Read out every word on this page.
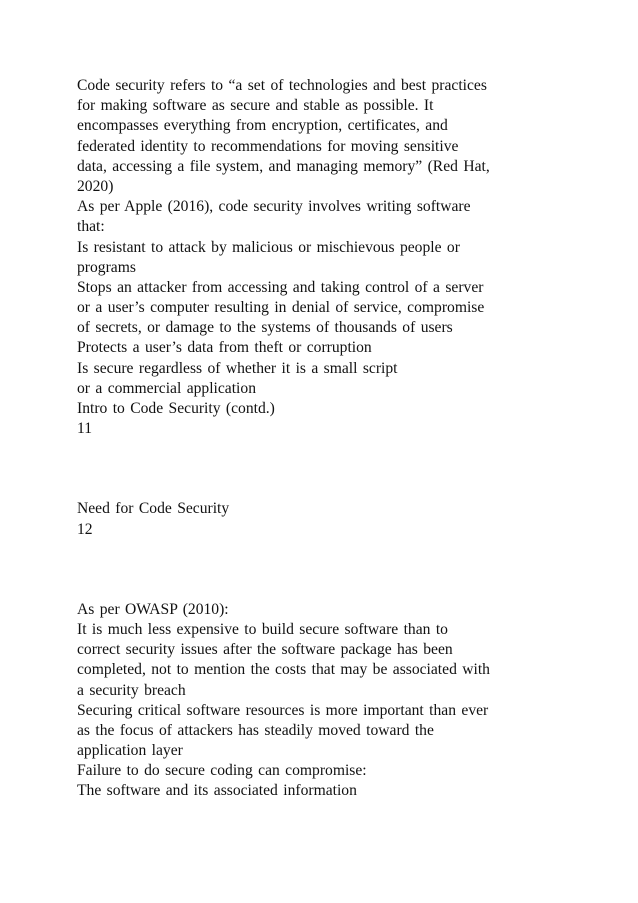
Code security refers to “a set of technologies and best practices
for making software as secure and stable as possible. It
encompasses everything from encryption, certificates, and
federated identity to recommendations for moving sensitive
data, accessing a file system, and managing memory” (Red Hat,
2020)
As per Apple (2016), code security involves writing software
that:
Is resistant to attack by malicious or mischievous people or
programs
Stops an attacker from accessing and taking control of a server
or a user’s computer resulting in denial of service, compromise
of secrets, or damage to the systems of thousands of users
Protects a user’s data from theft or corruption
Is secure regardless of whether it is a small script
or a commercial application
Intro to Code Security (contd.)
11
Need for Code Security
12
As per OWASP (2010):
It is much less expensive to build secure software than to
correct security issues after the software package has been
completed, not to mention the costs that may be associated with
a security breach
Securing critical software resources is more important than ever
as the focus of attackers has steadily moved toward the
application layer
Failure to do secure coding can compromise:
The software and its associated information
